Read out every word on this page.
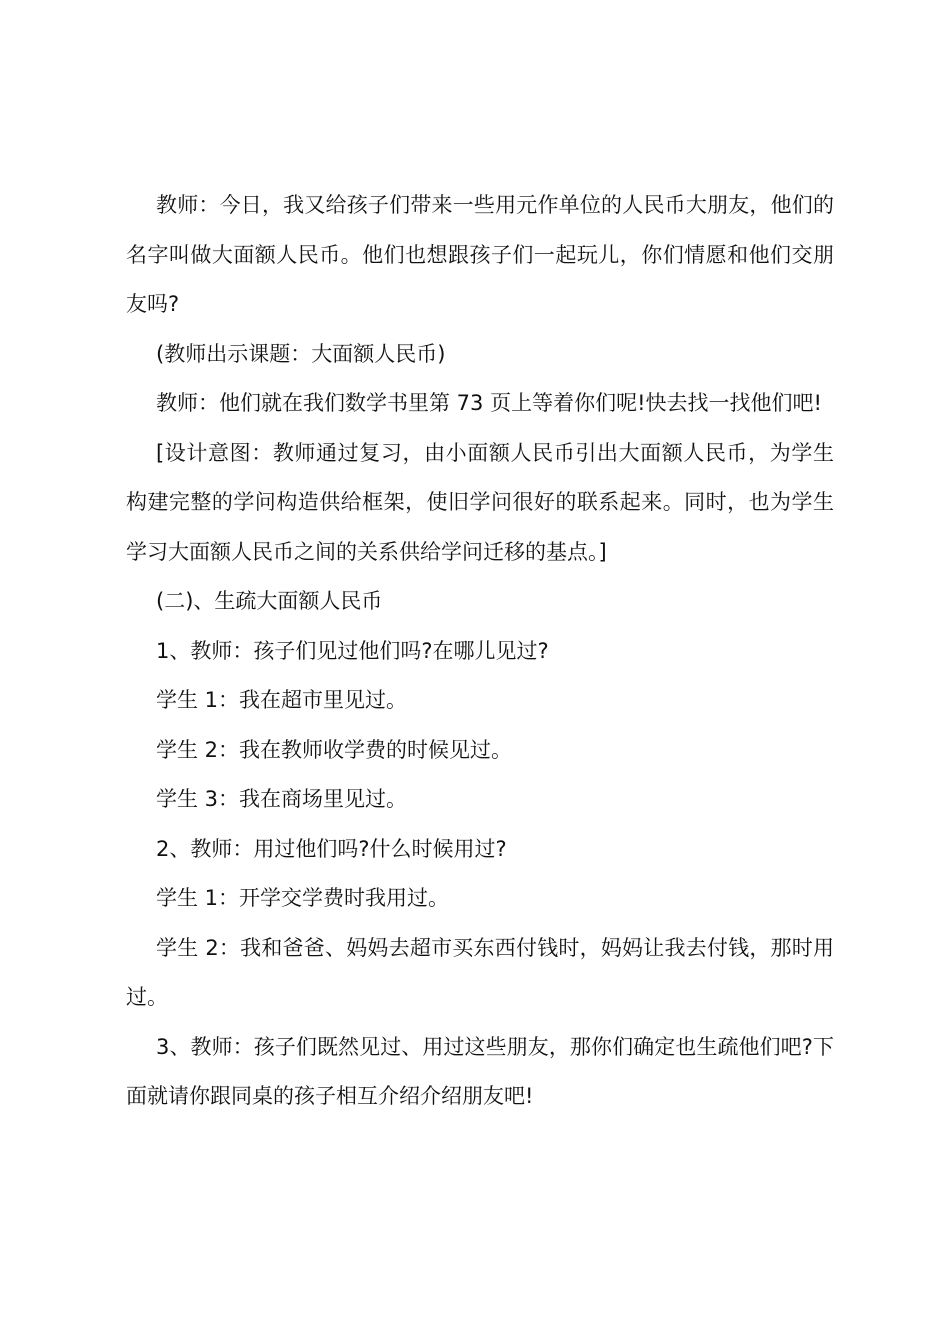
教师：今日，我又给孩子们带来一些用元作单位的人民币大朋友，他们的名字叫做大面额人民币。他们也想跟孩子们一起玩儿，你们情愿和他们交朋友吗?

(教师出示课题：大面额人民币)

教师：他们就在我们数学书里第 73 页上等着你们呢!快去找一找他们吧!

[设计意图：教师通过复习，由小面额人民币引出大面额人民币，为学生构建完整的学问构造供给框架，使旧学问很好的联系起来。同时，也为学生学习大面额人民币之间的关系供给学问迁移的基点。]

(二)、生疏大面额人民币

1、教师：孩子们见过他们吗?在哪儿见过?

学生 1：我在超市里见过。

学生 2：我在教师收学费的时候见过。

学生 3：我在商场里见过。

2、教师：用过他们吗?什么时候用过?

学生 1：开学交学费时我用过。

学生 2：我和爸爸、妈妈去超市买东西付钱时，妈妈让我去付钱，那时用过。

3、教师：孩子们既然见过、用过这些朋友，那你们确定也生疏他们吧?下面就请你跟同桌的孩子相互介绍介绍朋友吧!
